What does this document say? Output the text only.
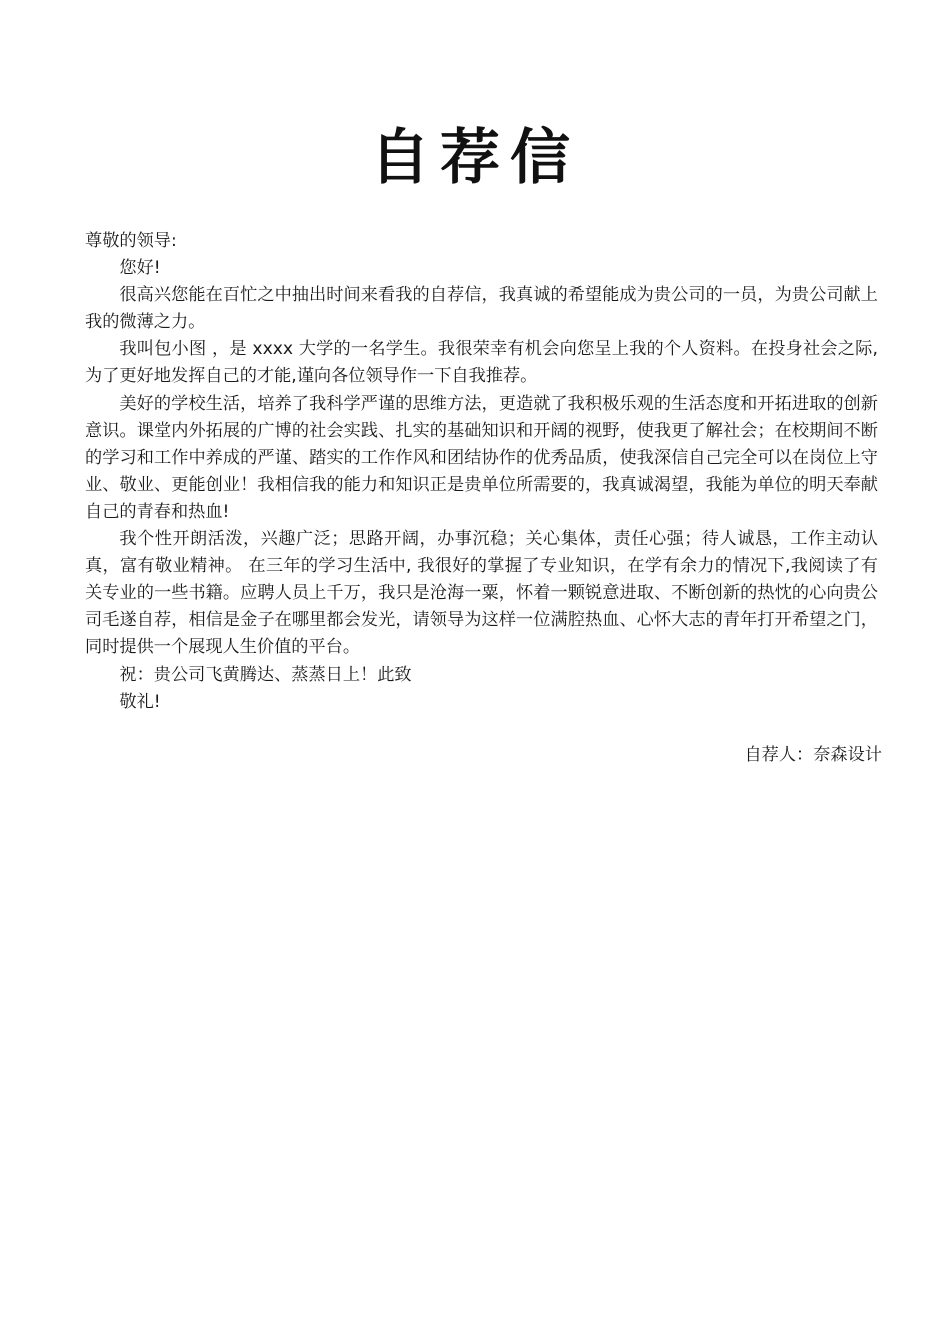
自荐信

尊敬的领导:

您好!

很高兴您能在百忙之中抽出时间来看我的自荐信，我真诚的希望能成为贵公司的一员，为贵公司献上我的微薄之力。

我叫包小图 ，是 xxxx 大学的一名学生。我很荣幸有机会向您呈上我的个人资料。在投身社会之际,为了更好地发挥自己的才能,谨向各位领导作一下自我推荐。

美好的学校生活，培养了我科学严谨的思维方法，更造就了我积极乐观的生活态度和开拓进取的创新意识。课堂内外拓展的广博的社会实践、扎实的基础知识和开阔的视野，使我更了解社会；在校期间不断的学习和工作中养成的严谨、踏实的工作作风和团结协作的优秀品质，使我深信自己完全可以在岗位上守业、敬业、更能创业！我相信我的能力和知识正是贵单位所需要的，我真诚渴望，我能为单位的明天奉献自己的青春和热血!

我个性开朗活泼，兴趣广泛；思路开阔，办事沉稳；关心集体，责任心强；待人诚恳，工作主动认真，富有敬业精神。 在三年的学习生活中, 我很好的掌握了专业知识，在学有余力的情况下,我阅读了有关专业的一些书籍。应聘人员上千万，我只是沧海一粟，怀着一颗锐意进取、不断创新的热忱的心向贵公司毛遂自荐，相信是金子在哪里都会发光，请领导为这样一位满腔热血、心怀大志的青年打开希望之门，同时提供一个展现人生价值的平台。

祝：贵公司飞黄腾达、蒸蒸日上！此致

敬礼!

自荐人：奈森设计
